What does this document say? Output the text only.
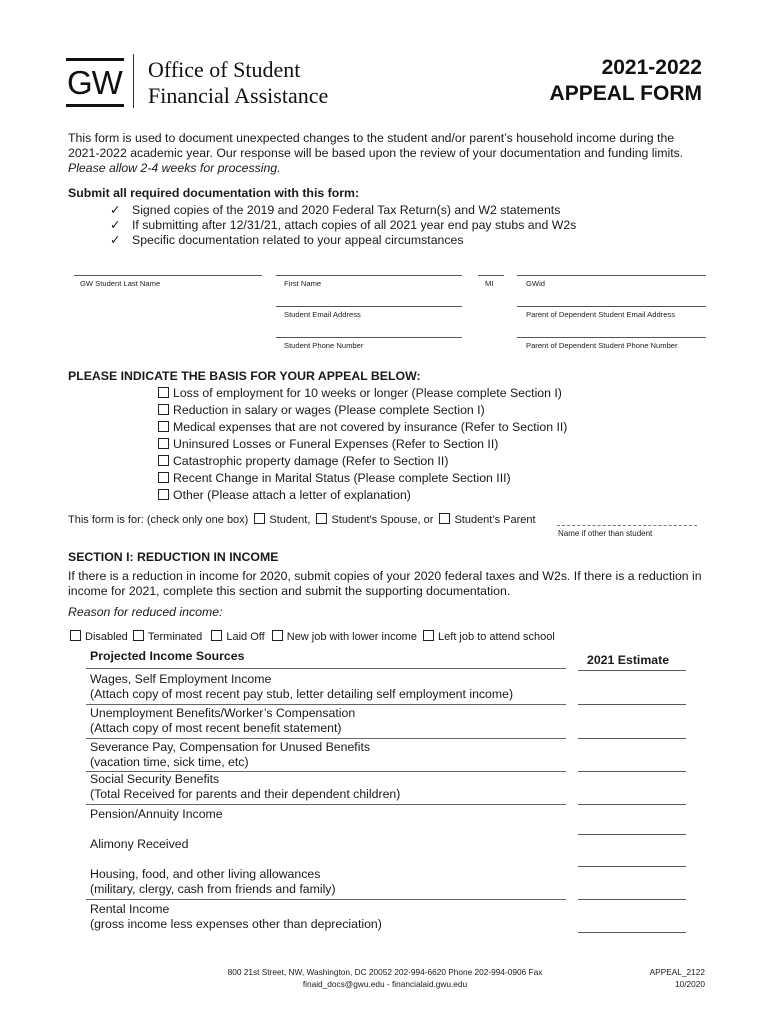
GW Office of Student
Financial Assistance
2021-2022
APPEAL FORM
This form is used to document unexpected changes to the student and/or parent’s household income during the 2021-2022 academic year. Our response will be based upon the review of your documentation and funding limits.
Please allow 2-4 weeks for processing.
Submit all required documentation with this form:
✓ Signed copies of the 2019 and 2020 Federal Tax Return(s) and W2 statements
✓ If submitting after 12/31/21, attach copies of all 2021 year end pay stubs and W2s
✓ Specific documentation related to your appeal circumstances
GW Student Last Name	First Name	MI	GWid
Student Email Address	Parent of Dependent Student Email Address
Student Phone Number	Parent of Dependent Student Phone Number
PLEASE INDICATE THE BASIS FOR YOUR APPEAL BELOW:
Loss of employment for 10 weeks or longer (Please complete Section I)
Reduction in salary or wages (Please complete Section I)
Medical expenses that are not covered by insurance (Refer to Section II)
Uninsured Losses or Funeral Expenses (Refer to Section II)
Catastrophic property damage (Refer to Section II)
Recent Change in Marital Status (Please complete Section III)
Other (Please attach a letter of explanation)
This form is for: (check only one box) Student, Student’s Spouse, or Student’s Parent
Name if other than student
SECTION I: REDUCTION IN INCOME
If there is a reduction in income for 2020, submit copies of your 2020 federal taxes and W2s. If there is a reduction in income for 2021, complete this section and submit the supporting documentation.
Reason for reduced income:
Disabled Terminated Laid Off New job with lower income Left job to attend school
Projected Income Sources	2021 Estimate
Wages, Self Employment Income
(Attach copy of most recent pay stub, letter detailing self employment income)
Unemployment Benefits/Worker’s Compensation
(Attach copy of most recent benefit statement)
Severance Pay, Compensation for Unused Benefits
(vacation time, sick time, etc)
Social Security Benefits
(Total Received for parents and their dependent children)
Pension/Annuity Income
Alimony Received
Housing, food, and other living allowances
(military, clergy, cash from friends and family)
Rental Income
(gross income less expenses other than depreciation)
800 21st Street, NW, Washington, DC 20052 202-994-6620 Phone 202-994-0906 Fax
finaid_docs@gwu.edu - financialaid.gwu.edu
APPEAL_2122
10/2020
